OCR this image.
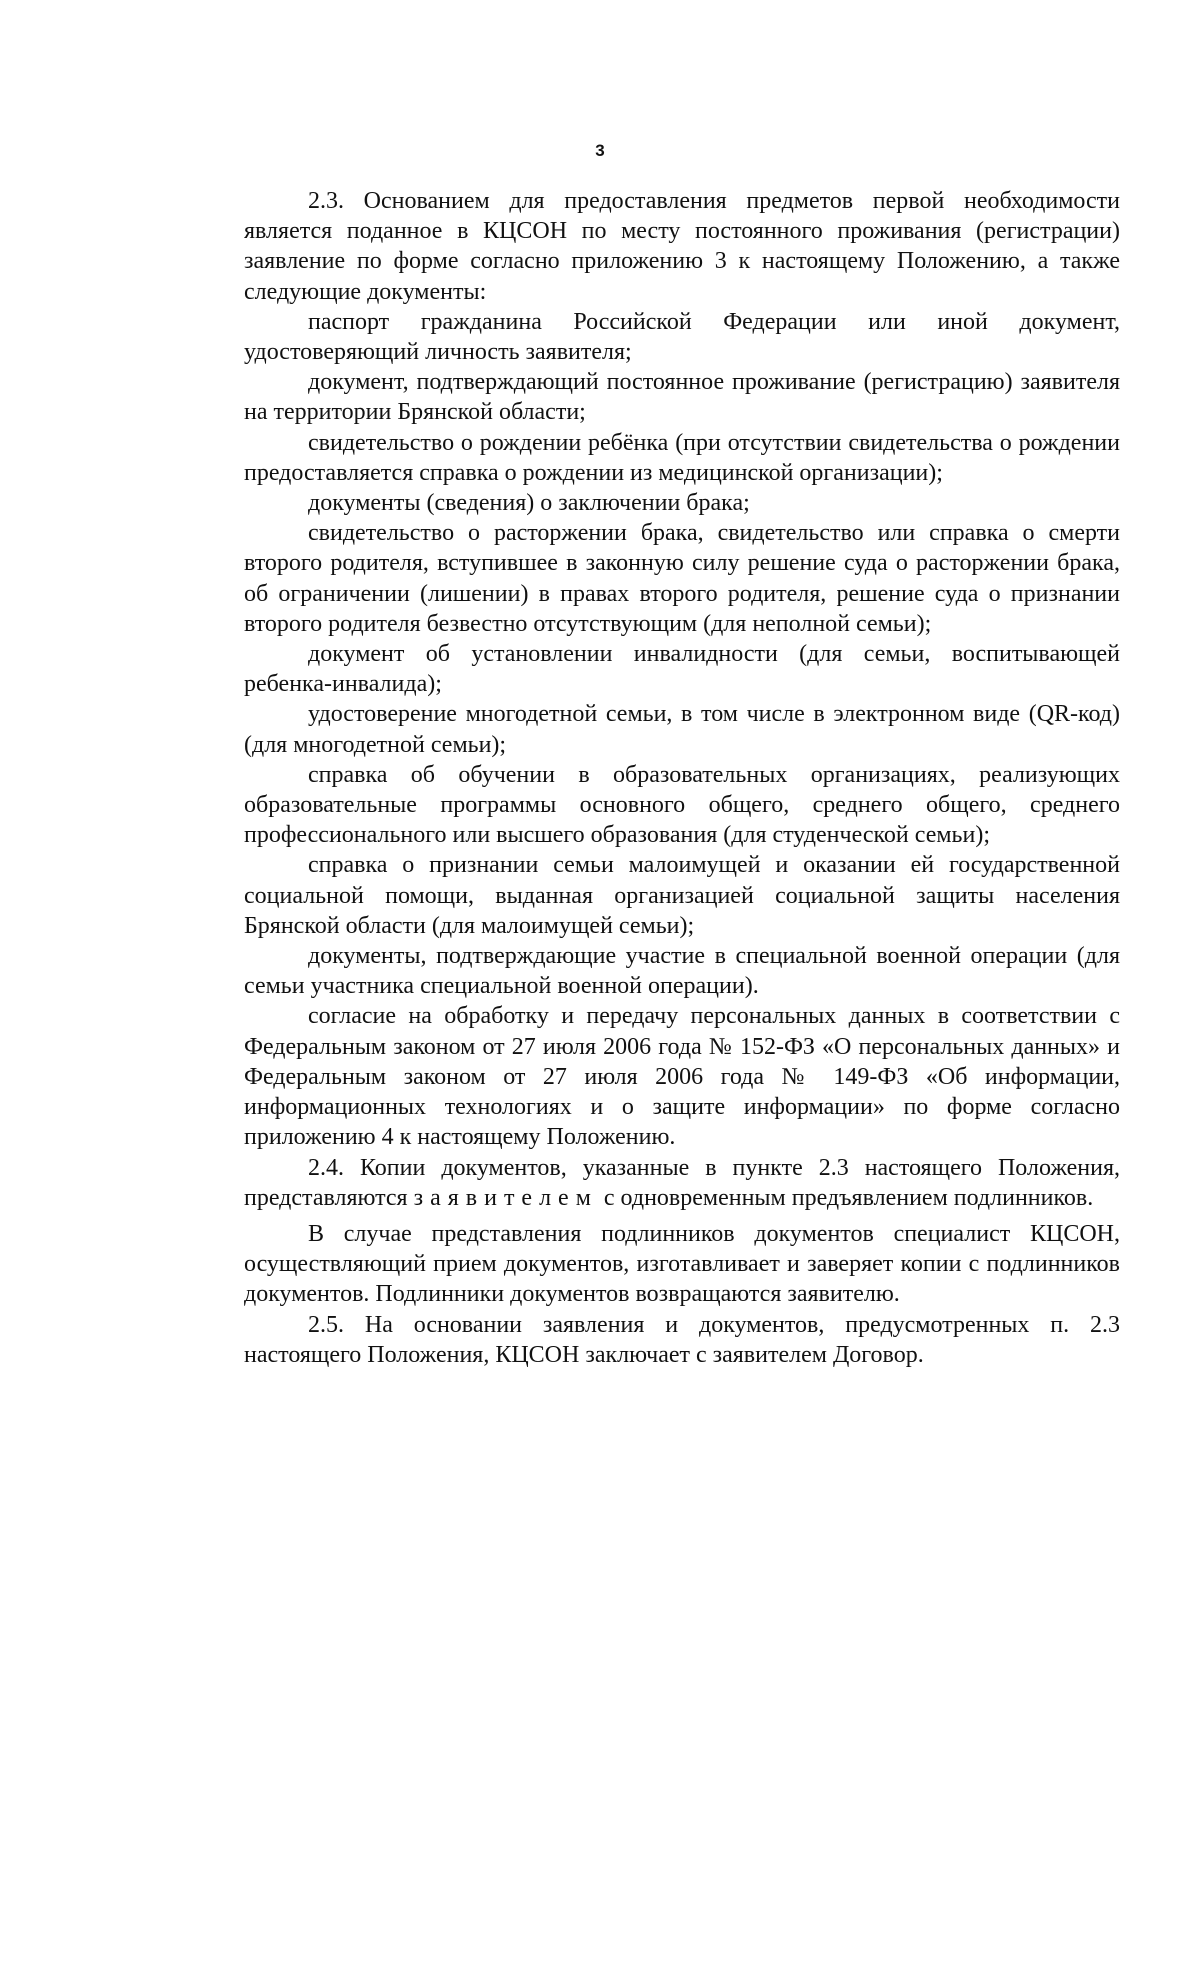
3

2.3. Основанием для предоставления предметов первой необходимости является поданное в КЦСОН по месту постоянного проживания (регистрации) заявление по форме согласно приложению 3 к настоящему Положению, а также следующие документы:

паспорт гражданина Российской Федерации или иной документ, удостоверяющий личность заявителя;

документ, подтверждающий постоянное проживание (регистрацию) заявителя на территории Брянской области;

свидетельство о рождении ребёнка (при отсутствии свидетельства о рождении предоставляется справка о рождении из медицинской организации);

документы (сведения) о заключении брака;

свидетельство о расторжении брака, свидетельство или справка о смерти второго родителя, вступившее в законную силу решение суда о расторжении брака, об ограничении (лишении) в правах второго родителя, решение суда о признании второго родителя безвестно отсутствующим (для неполной семьи);

документ об установлении инвалидности (для семьи, воспитывающей ребенка-инвалида);

удостоверение многодетной семьи, в том числе в электронном виде (QR-код) (для многодетной семьи);

справка об обучении в образовательных организациях, реализующих образовательные программы основного общего, среднего общего, среднего профессионального или высшего образования (для студенческой семьи);

справка о признании семьи малоимущей и оказании ей государственной социальной помощи, выданная организацией социальной защиты населения Брянской области (для малоимущей семьи);

документы, подтверждающие участие в специальной военной операции (для семьи участника специальной военной операции).

согласие на обработку и передачу персональных данных в соответствии с Федеральным законом от 27 июля 2006 года № 152-ФЗ «О персональных данных» и Федеральным законом от 27 июля 2006 года № 149-ФЗ «Об информации, информационных технологиях и о защите информации» по форме согласно приложению 4 к настоящему Положению.

2.4. Копии документов, указанные в пункте 2.3 настоящего Положения, представляются заявителем с одновременным предъявлением подлинников.

В случае представления подлинников документов специалист КЦСОН, осуществляющий прием документов, изготавливает и заверяет копии с подлинников документов. Подлинники документов возвращаются заявителю.

2.5. На основании заявления и документов, предусмотренных п. 2.3 настоящего Положения, КЦСОН заключает с заявителем Договор.
